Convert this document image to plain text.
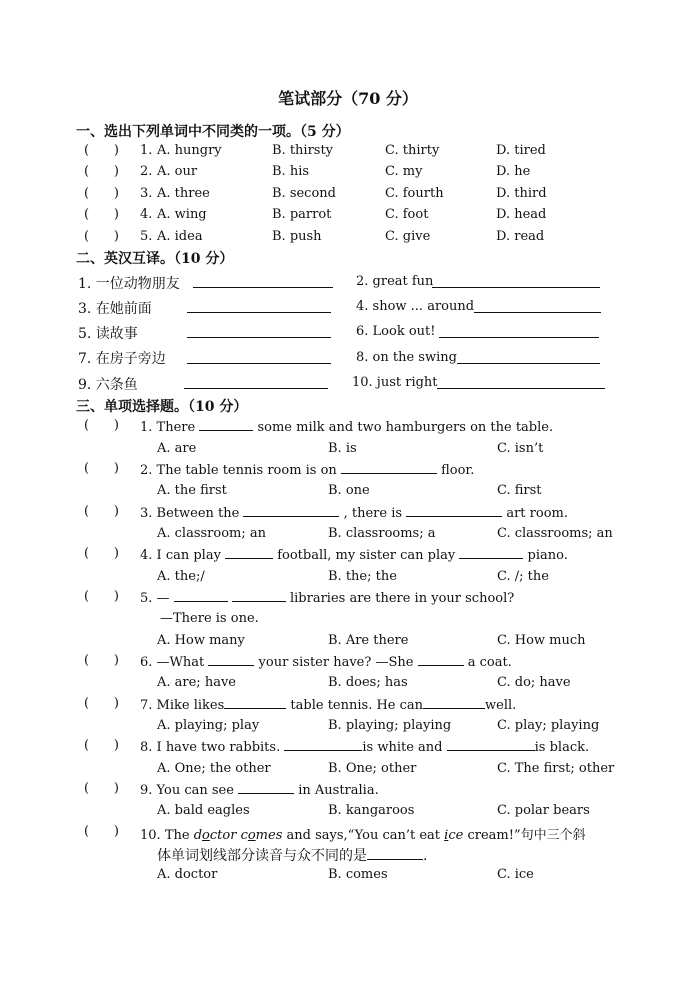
笔试部分（70 分）
一、选出下列单词中不同类的一项。（5 分）
(      ) 1. A. hungry	B. thirsty	C. thirty	D. tired
(      ) 2. A. our	B. his	C. my	D. he
(      ) 3. A. three	B. second	C. fourth	D. third
(      ) 4. A. wing	B. parrot	C. foot	D. head
(      ) 5. A. idea	B. push	C. give	D. read
二、英汉互译。（10 分）
1. 一位动物朋友	2. great fun
3. 在她前面	4. show ... around
5. 读故事	6. Look out!
7. 在房子旁边	8. on the swing
9. 六条鱼	10. just right
三、单项选择题。（10 分）
(      ) 1. There	some milk and two hamburgers on the table.
A. are	B. is	C. isn’t
(      ) 2. The table tennis room is on	floor.
A. the first	B. one	C. first
(      ) 3. Between the	, there is	art room.
A. classroom; an	B. classrooms; a	C. classrooms; an
(      ) 4. I can play	football, my sister can play	piano.
A. the;/	B. the; the	C. /; the
(      ) 5. —	libraries are there in your school?
—There is one.
A. How many	B. Are there	C. How much
(      ) 6. —What	your sister have? —She	a coat.
A. are; have	B. does; has	C. do; have
(      ) 7. Mike likes	table tennis. He can	well.
A. playing; play	B. playing; playing	C. play; playing
(      ) 8. I have two rabbits.	is white and	is black.
A. One; the other	B. One; other	C. The first; other
(      ) 9. You can see	in Australia.
A. bald eagles	B. kangaroos	C. polar bears
(      ) 10. The doctor comes and says,“You can’t eat ice cream!”句中三个斜
体单词划线部分读音与众不同的是	.
A. doctor	B. comes	C. ice
